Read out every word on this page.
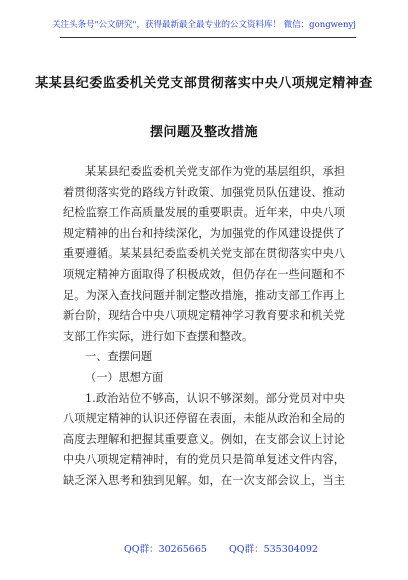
关注头条号"公文研究"，获得最新最全最专业的公文资料库！ 微信：gongwenyj
某某县纪委监委机关党支部贯彻落实中央八项规定精神查
摆问题及整改措施
某某县纪委监委机关党支部作为党的基层组织，承担
着贯彻落实党的路线方针政策、加强党员队伍建设、推动
纪检监察工作高质量发展的重要职责。近年来，中央八项
规定精神的出台和持续深化，为加强党的作风建设提供了
重要遵循。某某县纪委监委机关党支部在贯彻落实中央八
项规定精神方面取得了积极成效，但仍存在一些问题和不
足。为深入查找问题并制定整改措施，推动支部工作再上
新台阶，现结合中央八项规定精神学习教育要求和机关党
支部工作实际，进行如下查摆和整改。
一、查摆问题
（一）思想方面
1.政治站位不够高，认识不够深刻。部分党员对中央
八项规定精神的认识还停留在表面，未能从政治和全局的
高度去理解和把握其重要意义。例如，在支部会议上讨论
中央八项规定精神时，有的党员只是简单复述文件内容，
缺乏深入思考和独到见解。如，在一次支部会议上，当主
QQ群：30265665 QQ群：535304092
